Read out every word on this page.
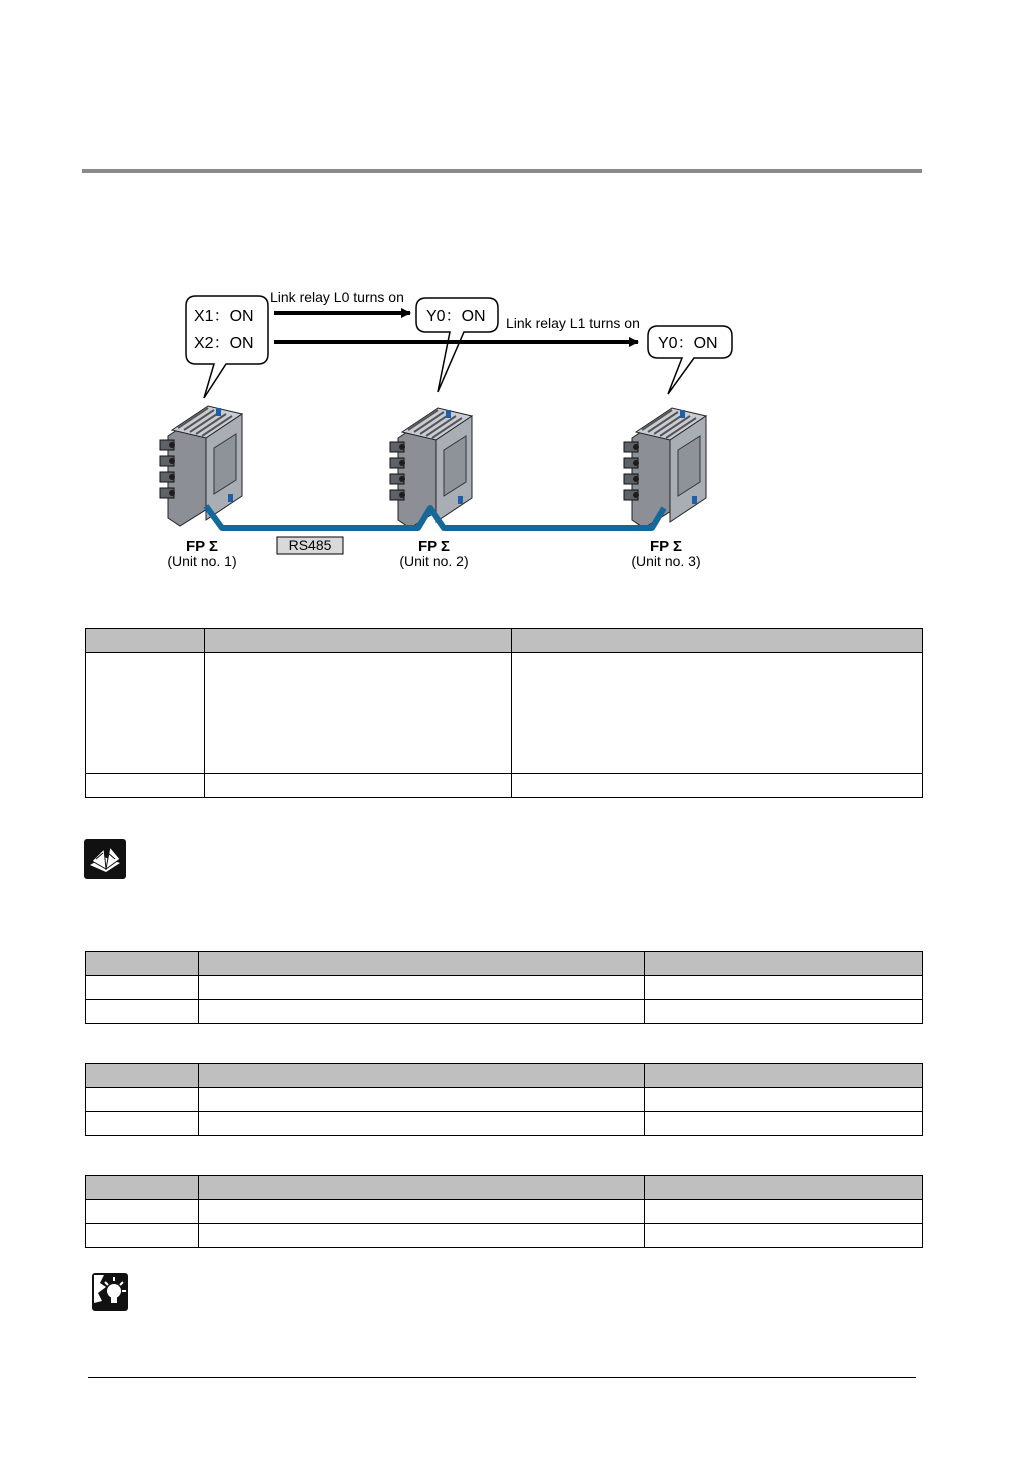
X1：ON
X2：ON
Y0：ON
Y0：ON
Link relay L0 turns on
Link relay L1 turns on
RS485
FP Σ
(Unit no. 1)
FP Σ
(Unit no. 2)
FP Σ
(Unit no. 3)
